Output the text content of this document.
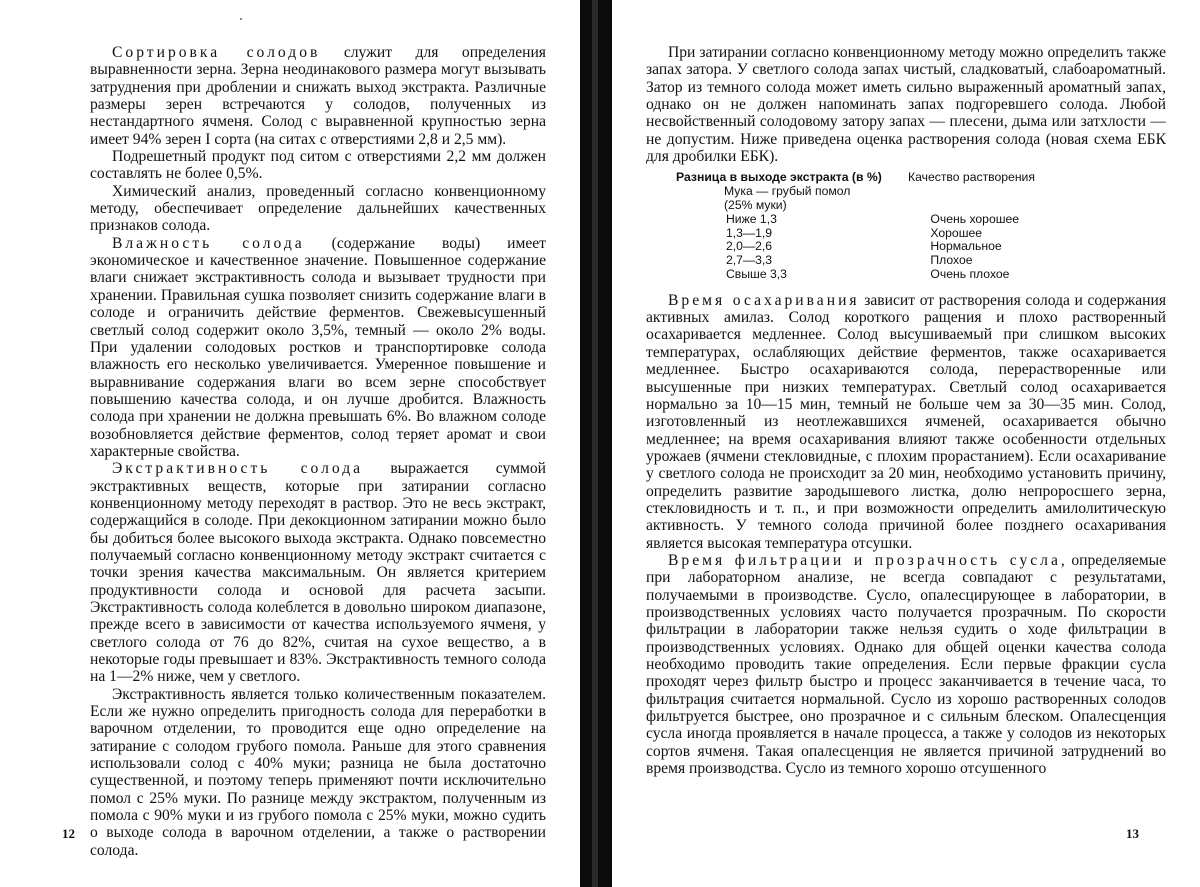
Сортировка солодов служит для определения выравненности зерна. Зерна неодинакового размера могут вызывать затруднения при дроблении и снижать выход экстракта. Различные размеры зерен встречаются у солодов, полученных из нестандартного ячменя. Солод с выравненной крупностью зерна имеет 94% зерен I сорта (на ситах с отверстиями 2,8 и 2,5 мм).

Подрешетный продукт под ситом с отверстиями 2,2 мм должен составлять не более 0,5%.

Химический анализ, проведенный согласно конвенционному методу, обеспечивает определение дальнейших качественных признаков солода.

Влажность солода (содержание воды) имеет экономическое и качественное значение. Повышенное содержание влаги снижает экстрактивность солода и вызывает трудности при хранении. Правильная сушка позволяет снизить содержание влаги в солоде и ограничить действие ферментов. Свежевысушенный светлый солод содержит около 3,5%, темный — около 2% воды. При удалении солодовых ростков и транспортировке солода влажность его несколько увеличивается. Умеренное повышение и выравнивание содержания влаги во всем зерне способствует повышению качества солода, и он лучше дробится. Влажность солода при хранении не должна превышать 6%. Во влажном солоде возобновляется действие ферментов, солод теряет аромат и свои характерные свойства.

Экстрактивность солода выражается суммой экстрактивных веществ, которые при затирании согласно конвенционному методу переходят в раствор. Это не весь экстракт, содержащийся в солоде. При декокционном затирании можно было бы добиться более высокого выхода экстракта. Однако повсеместно получаемый согласно конвенционному методу экстракт считается с точки зрения качества максимальным. Он является критерием продуктивности солода и основой для расчета засыпи. Экстрактивность солода колеблется в довольно широком диапазоне, прежде всего в зависимости от качества используемого ячменя, у светлого солода от 76 до 82%, считая на сухое вещество, а в некоторые годы превышает и 83%. Экстрактивность темного солода на 1—2% ниже, чем у светлого.

Экстрактивность является только количественным показателем. Если же нужно определить пригодность солода для переработки в варочном отделении, то проводится еще одно определение на затирание с солодом грубого помола. Раньше для этого сравнения использовали солод с 40% муки; разница не была достаточно существенной, и поэтому теперь применяют почти исключительно помол с 25% муки. По разнице между экстрактом, полученным из помола с 90% муки и из грубого помола с 25% муки, можно судить о выходе солода в варочном отделении, а также о растворении солода.

12

При затирании согласно конвенционному методу можно определить также запах затора. У светлого солода запах чистый, сладковатый, слабоароматный. Затор из темного солода может иметь сильно выраженный ароматный запах, однако он не должен напоминать запах подгоревшего солода. Любой несвойственный солодовому затору запах — плесени, дыма или затхлости — не допустим. Ниже приведена оценка растворения солода (новая схема ЕБК для дробилки ЕБК).

Разница в выходе экстракта (в %)	Качество растворения
Мука — грубый помол
(25% муки)
Ниже 1,3	Очень хорошее
1,3—1,9	Хорошее
2,0—2,6	Нормальное
2,7—3,3	Плохое
Свыше 3,3	Очень плохое

Время осахаривания зависит от растворения солода и содержания активных амилаз. Солод короткого ращения и плохо растворенный осахаривается медленнее. Солод высушиваемый при слишком высоких температурах, ослабляющих действие ферментов, также осахаривается медленнее. Быстро осахариваются солода, перерастворенные или высушенные при низких температурах. Светлый солод осахаривается нормально за 10—15 мин, темный не больше чем за 30—35 мин. Солод, изготовленный из неотлежавшихся ячменей, осахаривается обычно медленнее; на время осахаривания влияют также особенности отдельных урожаев (ячмени стекловидные, с плохим прорастанием). Если осахаривание у светлого солода не происходит за 20 мин, необходимо установить причину, определить развитие зародышевого листка, долю непроросшего зерна, стекловидность и т. п., и при возможности определить амилолитическую активность. У темного солода причиной более позднего осахаривания является высокая температура отсушки.

Время фильтрации и прозрачность сусла, определяемые при лабораторном анализе, не всегда совпадают с результатами, получаемыми в производстве. Сусло, опалесцирующее в лаборатории, в производственных условиях часто получается прозрачным. По скорости фильтрации в лаборатории также нельзя судить о ходе фильтрации в производственных условиях. Однако для общей оценки качества солода необходимо проводить такие определения. Если первые фракции сусла проходят через фильтр быстро и процесс заканчивается в течение часа, то фильтрация считается нормальной. Сусло из хорошо растворенных солодов фильтруется быстрее, оно прозрачное и с сильным блеском. Опалесценция сусла иногда проявляется в начале процесса, а также у солодов из некоторых сортов ячменя. Такая опалесценция не является причиной затруднений во время производства. Сусло из темного хорошо отсушенного

13
